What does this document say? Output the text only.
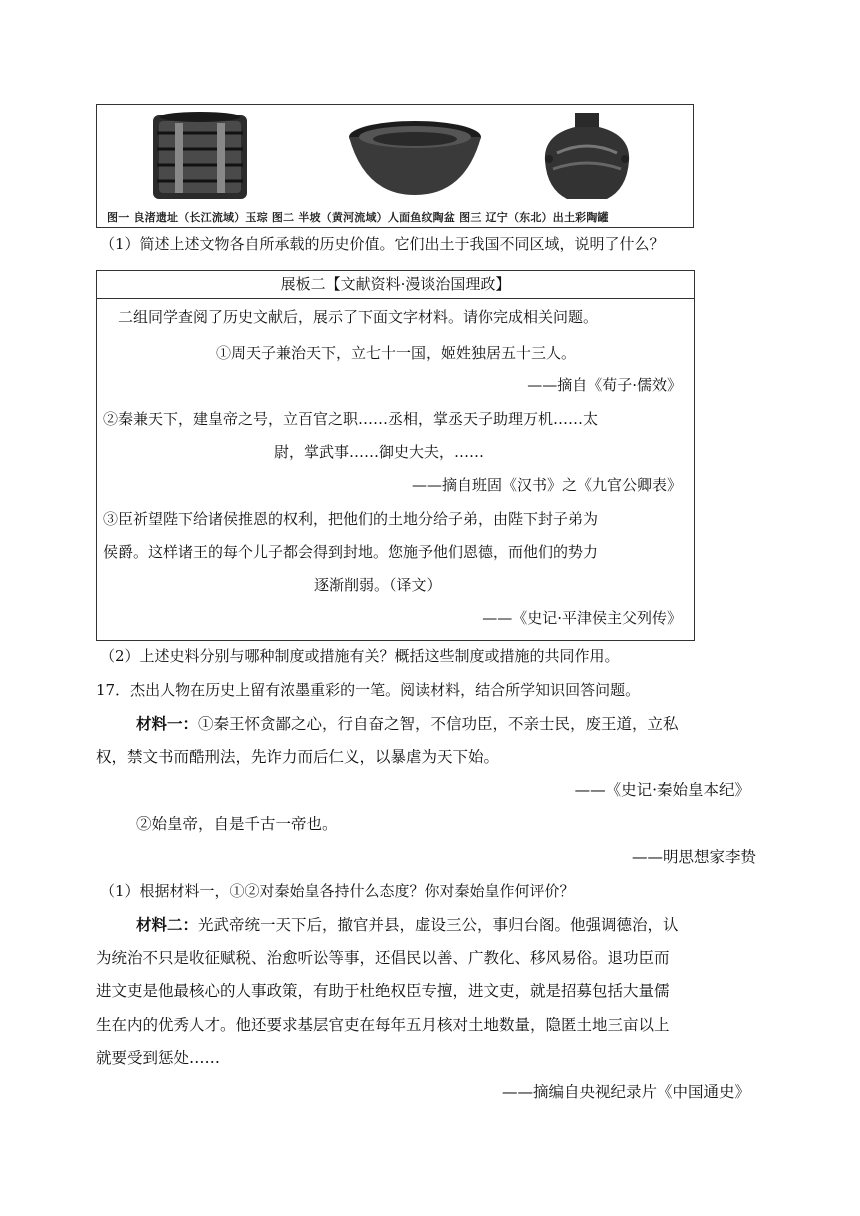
图一 良渚遗址（长江流域）玉琮 图二 半坡（黄河流域）人面鱼纹陶盆 图三 辽宁（东北）出土彩陶罐
（1）简述上述文物各自所承载的历史价值。它们出土于我国不同区域，说明了什么？
展板二【文献资料·漫谈治国理政】
二组同学查阅了历史文献后，展示了下面文字材料。请你完成相关问题。
①周天子兼治天下，立七十一国，姬姓独居五十三人。
——摘自《荀子·儒效》
②秦兼天下，建皇帝之号，立百官之职……丞相，掌丞天子助理万机……太
尉，掌武事……御史大夫，……
——摘自班固《汉书》之《九官公卿表》
③臣祈望陛下给诸侯推恩的权利，把他们的土地分给子弟，由陛下封子弟为
侯爵。这样诸王的每个儿子都会得到封地。您施予他们恩德，而他们的势力
逐渐削弱。（译文）
——《史记·平津侯主父列传》
（2）上述史料分别与哪种制度或措施有关？概括这些制度或措施的共同作用。
17．杰出人物在历史上留有浓墨重彩的一笔。阅读材料，结合所学知识回答问题。
材料一：①秦王怀贪鄙之心，行自奋之智，不信功臣，不亲士民，废王道，立私
权，禁文书而酷刑法，先诈力而后仁义，以暴虐为天下始。
——《史记·秦始皇本纪》
②始皇帝，自是千古一帝也。
——明思想家李贽
（1）根据材料一，①②对秦始皇各持什么态度？你对秦始皇作何评价？
材料二：光武帝统一天下后，撤官并县，虚设三公，事归台阁。他强调德治，认
为统治不只是收征赋税、治愈听讼等事，还倡民以善、广教化、移风易俗。退功臣而
进文吏是他最核心的人事政策，有助于杜绝权臣专擅，进文吏，就是招募包括大量儒
生在内的优秀人才。他还要求基层官吏在每年五月核对土地数量，隐匿土地三亩以上
就要受到惩处……
——摘编自央视纪录片《中国通史》
